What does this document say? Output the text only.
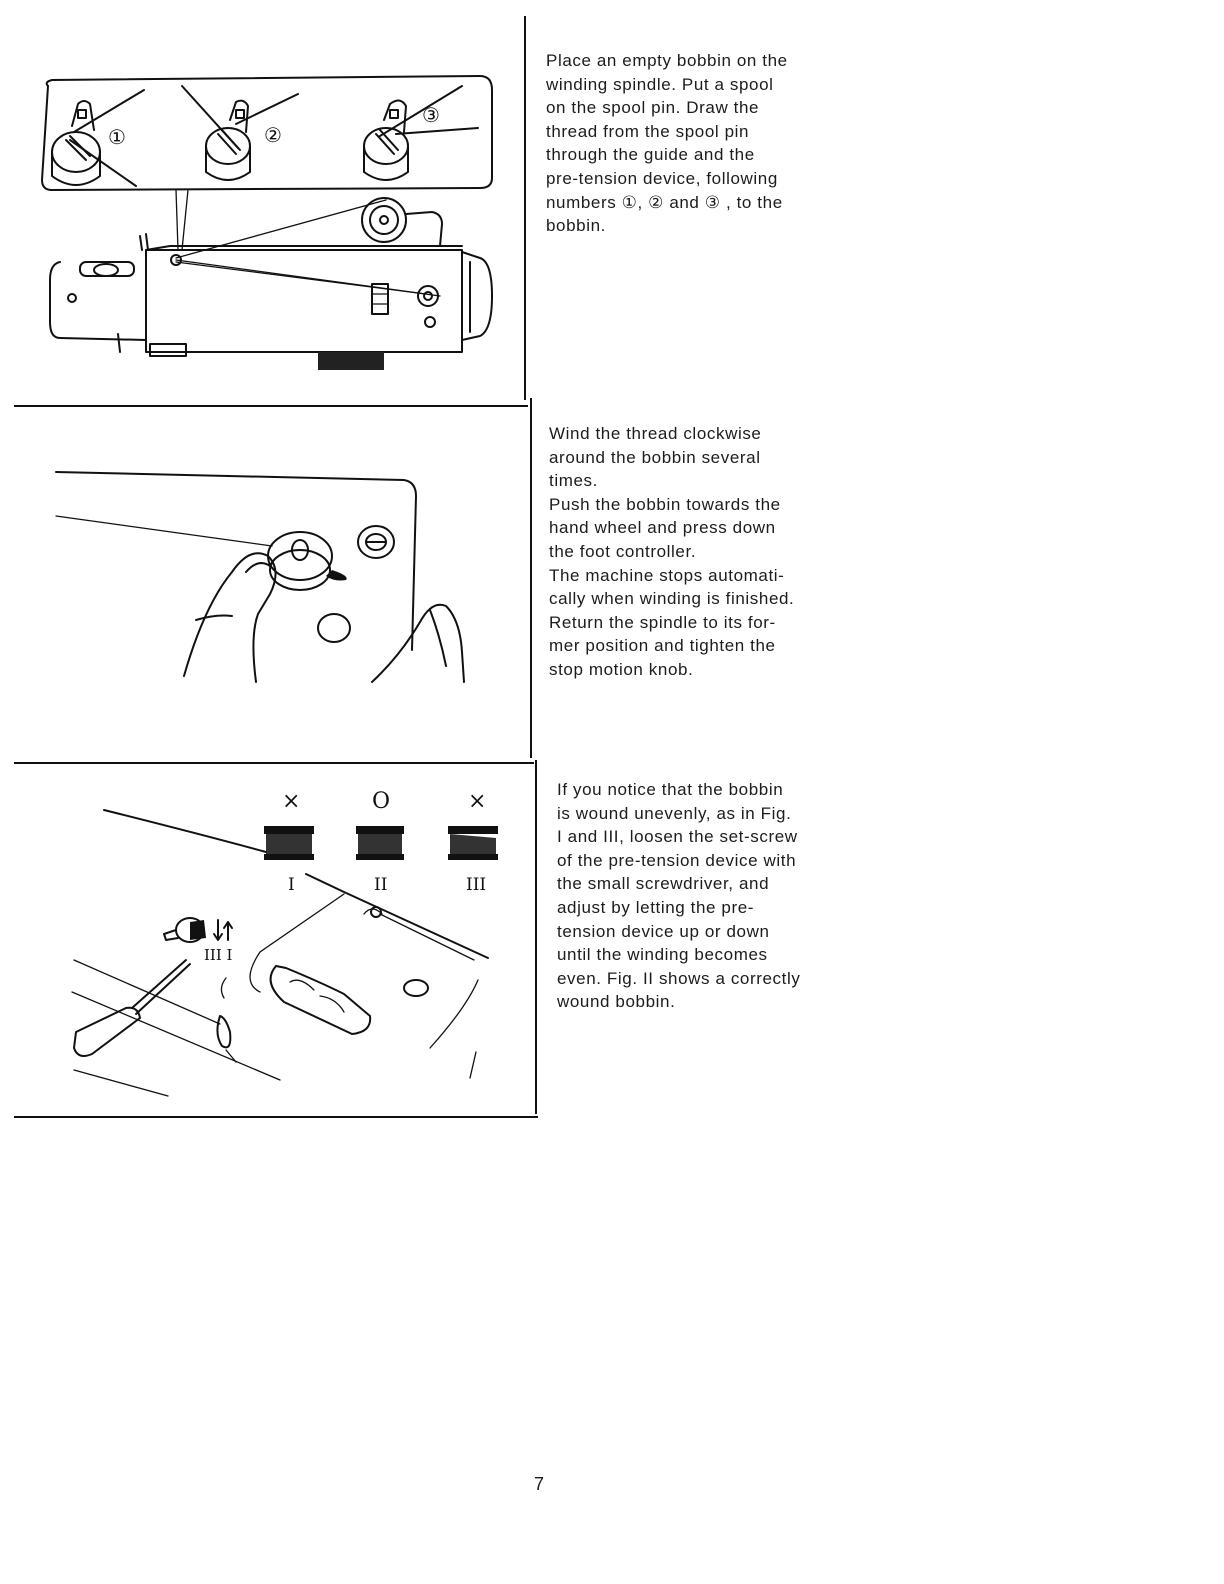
①	②
③
×	O	×
I	II	III
III I
Place an empty bobbin on the
winding spindle. Put a spool
on the spool pin. Draw the
thread from the spool pin
through the guide and the
pre-tension device, following
numbers ①, ② and ③ , to the
bobbin.
Wind the thread clockwise
around the bobbin several
times.
Push the bobbin towards the
hand wheel and press down
the foot controller.
The machine stops automati-
cally when winding is finished.
Return the spindle to its for-
mer position and tighten the
stop motion knob.
If you notice that the bobbin
is wound unevenly, as in Fig.
I and III, loosen the set-screw
of the pre-tension device with
the small screwdriver, and
adjust by letting the pre-
tension device up or down
until the winding becomes
even. Fig. II shows a correctly
wound bobbin.
7
